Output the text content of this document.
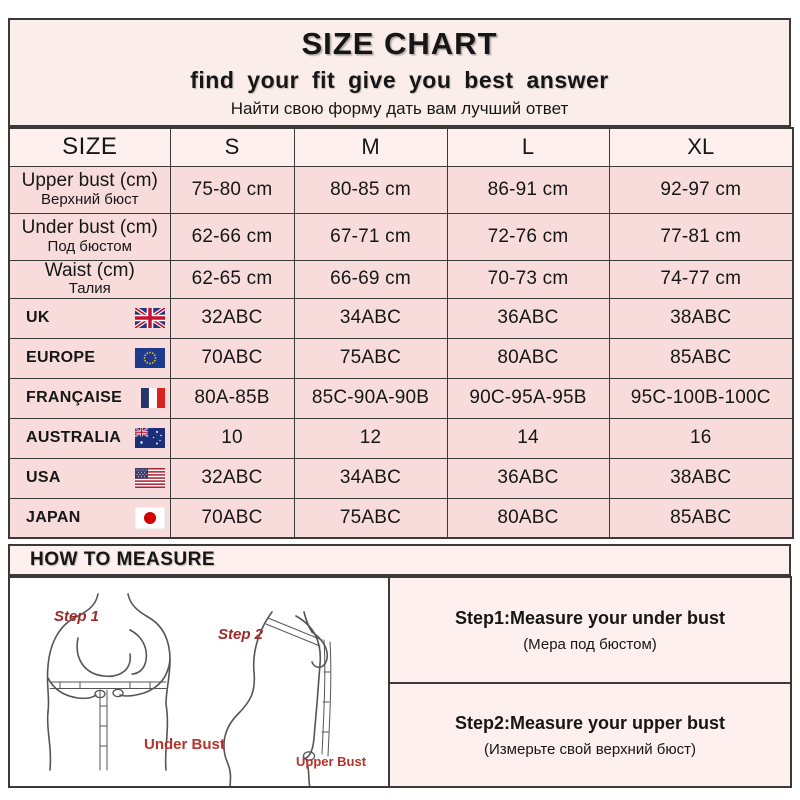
SIZE CHART
find your fit give you best answer
Найти свою форму дать вам лучший ответ
SIZE	S	M	L	XL

Upper bust (cm)
Верхний бюст	75-80 cm	80-85 cm	86-91 cm	92-97 cm

Under bust (cm)
Под бюстом	62-66 cm	67-71 cm	72-76 cm	77-81 cm

Waist (cm)
Талия	62-65 cm	66-69 cm	70-73 cm	74-77 cm

UK	32ABC	34ABC	36ABC	38ABC

EUROPE	70ABC	75ABC	80ABC	85ABC

FRANÇAISE	80A-85B	85C-90A-90B	90C-95A-95B	95C-100B-100C

AUSTRALIA	10	12	14	16

USA	32ABC	34ABC	36ABC	38ABC

JAPAN	70ABC	75ABC	80ABC	85ABC
HOW TO MEASURE
Step 1
Step 2
Under Bust
Upper Bust
Step1:Measure your under bust
(Мера под бюстом)
Step2:Measure your upper bust
(Измерьте свой верхний бюст)
